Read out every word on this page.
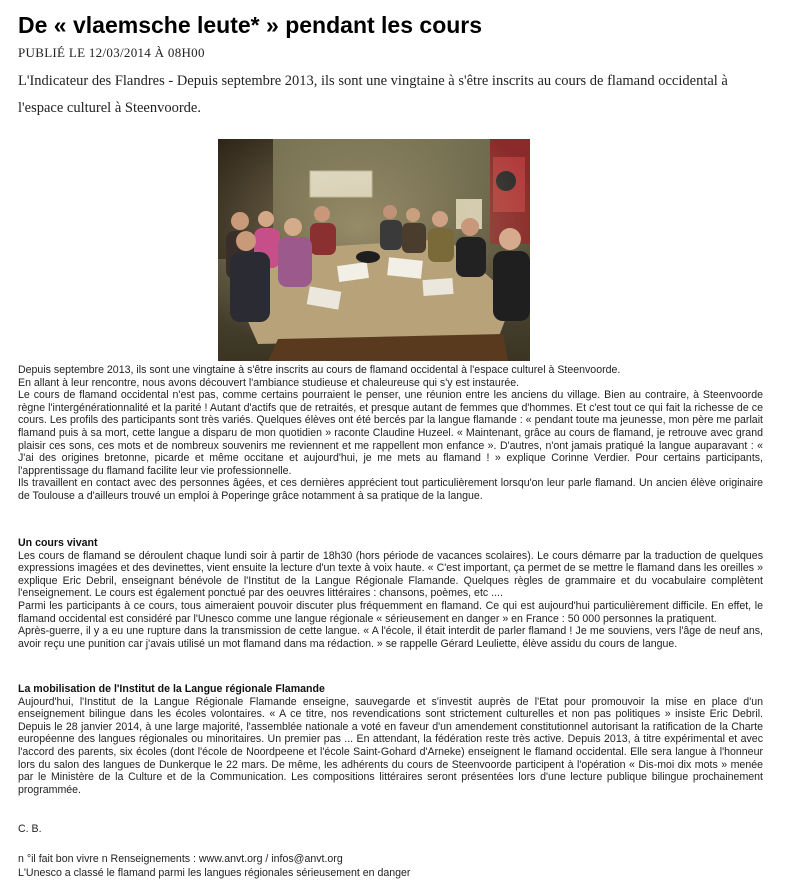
De « vlaemsche leute* » pendant les cours
PUBLIÉ LE 12/03/2014 À 08H00
L'Indicateur des Flandres - Depuis septembre 2013, ils sont une vingtaine à s'être inscrits au cours de flamand occidental à l'espace culturel à Steenvoorde.

Depuis septembre 2013, ils sont une vingtaine à s'être inscrits au cours de flamand occidental à l'espace culturel à Steenvoorde.

En allant à leur rencontre, nous avons découvert l'ambiance studieuse et chaleureuse qui s'y est instaurée.

Le cours de flamand occidental n'est pas, comme certains pourraient le penser, une réunion entre les anciens du village. Bien au contraire, à Steenvoorde règne l'intergénérationnalité et la parité ! Autant d'actifs que de retraités, et presque autant de femmes que d'hommes. Et c'est tout ce qui fait la richesse de ce cours. Les profils des participants sont très variés. Quelques élèves ont été bercés par la langue flamande : « pendant toute ma jeunesse, mon père me parlait flamand puis à sa mort, cette langue a disparu de mon quotidien » raconte Claudine Huzeel. « Maintenant, grâce au cours de flamand, je retrouve avec grand plaisir ces sons, ces mots et de nombreux souvenirs me reviennent et me rappellent mon enfance ». D'autres, n'ont jamais pratiqué la langue auparavant : « J'ai des origines bretonne, picarde et même occitane et aujourd'hui, je me mets au flamand ! » explique Corinne Verdier. Pour certains participants, l'apprentissage du flamand facilite leur vie professionnelle.

Ils travaillent en contact avec des personnes âgées, et ces dernières apprécient tout particulièrement lorsqu'on leur parle flamand. Un ancien élève originaire de Toulouse a d'ailleurs trouvé un emploi à Poperinge grâce notamment à sa pratique de la langue.

Un cours vivant

Les cours de flamand se déroulent chaque lundi soir à partir de 18h30 (hors période de vacances scolaires). Le cours démarre par la traduction de quelques expressions imagées et des devinettes, vient ensuite la lecture d'un texte à voix haute. « C'est important, ça permet de se mettre le flamand dans les oreilles » explique Eric Debril, enseignant bénévole de l'Institut de la Langue Régionale Flamande. Quelques règles de grammaire et du vocabulaire complètent l'enseignement. Le cours est également ponctué par des oeuvres littéraires : chansons, poèmes, etc ....

Parmi les participants à ce cours, tous aimeraient pouvoir discuter plus fréquemment en flamand. Ce qui est aujourd'hui particulièrement difficile. En effet, le flamand occidental est considéré par l'Unesco comme une langue régionale « sérieusement en danger » en France : 50 000 personnes la pratiquent.

Après-guerre, il y a eu une rupture dans la transmission de cette langue. « A l'école, il était interdit de parler flamand ! Je me souviens, vers l'âge de neuf ans, avoir reçu une punition car j'avais utilisé un mot flamand dans ma rédaction. » se rappelle Gérard Leuliette, élève assidu du cours de langue.

La mobilisation de l'Institut de la Langue régionale Flamande

Aujourd'hui, l'Institut de la Langue Régionale Flamande enseigne, sauvegarde et s'investit auprès de l'Etat pour promouvoir la mise en place d'un enseignement bilingue dans les écoles volontaires. « A ce titre, nos revendications sont strictement culturelles et non pas politiques » insiste Eric Debril. Depuis le 28 janvier 2014, à une large majorité, l'assemblée nationale a voté en faveur d'un amendement constitutionnel autorisant la ratification de la Charte européenne des langues régionales ou minoritaires. Un premier pas ... En attendant, la fédération reste très active. Depuis 2013, à titre expérimental et avec l'accord des parents, six écoles (dont l'école de Noordpeene et l'école Saint-Gohard d'Arneke) enseignent le flamand occidental. Elle sera langue à l'honneur lors du salon des langues de Dunkerque le 22 mars. De même, les adhérents du cours de Steenvoorde participent à l'opération « Dis-moi dix mots » menée par le Ministère de la Culture et de la Communication. Les compositions littéraires seront présentées lors d'une lecture publique bilingue prochainement programmée.

C. B.

n °il fait bon vivre n Renseignements : www.anvt.org / infos@anvt.org

L'Unesco a classé le flamand parmi les langues régionales sérieusement en danger
